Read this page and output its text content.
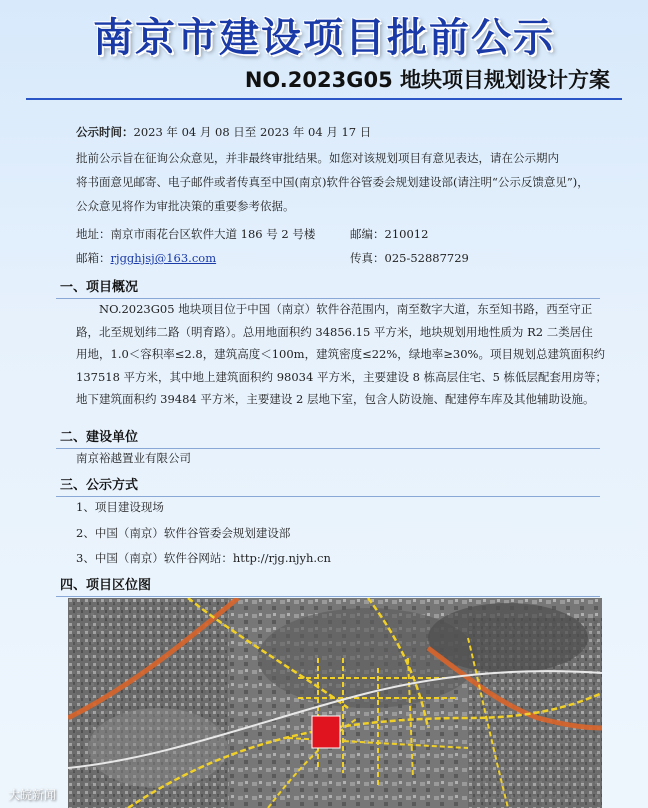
南京市建设项目批前公示
NO.2023G05 地块项目规划设计方案
公示时间：2023 年 04 月 08 日至 2023 年 04 月 17 日
批前公示旨在征询公众意见，并非最终审批结果。如您对该规划项目有意见表达，请在公示期内
将书面意见邮寄、电子邮件或者传真至中国(南京)软件谷管委会规划建设部(请注明“公示反馈意见”)，
公众意见将作为审批决策的重要参考依据。
地址：南京市雨花台区软件大道 186 号 2 号楼	邮编：210012
邮箱：rjgghjsj@163.com	传真：025-52887729
一、项目概况
NO.2023G05 地块项目位于中国（南京）软件谷范围内，南至数字大道，东至知书路，西至守正
路，北至规划纬二路（明育路）。总用地面积约 34856.15 平方米，地块规划用地性质为 R2 二类居住
用地，1.0＜容积率≤2.8，建筑高度＜100m，建筑密度≤22%，绿地率≥30%。项目规划总建筑面积约
137518 平方米，其中地上建筑面积约 98034 平方米，主要建设 8 栋高层住宅、5 栋低层配套用房等；
地下建筑面积约 39484 平方米，主要建设 2 层地下室，包含人防设施、配建停车库及其他辅助设施。
二、建设单位
南京裕越置业有限公司
三、公示方式
1、项目建设现场
2、中国（南京）软件谷管委会规划建设部
3、中国（南京）软件谷网站：http://rjg.njyh.cn
四、项目区位图
大皖新闻
